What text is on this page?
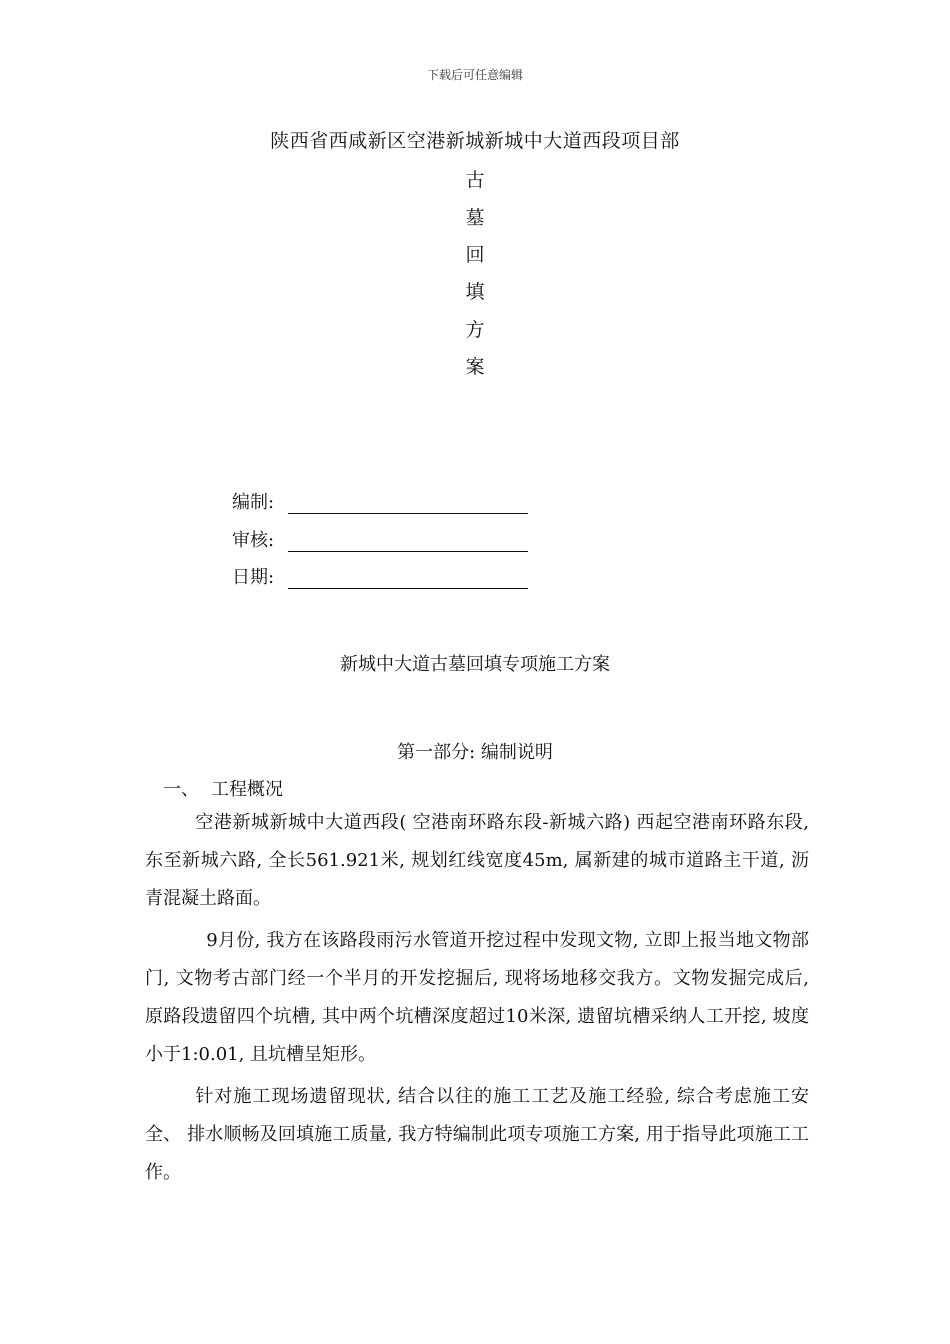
下载后可任意编辑
陕西省西咸新区空港新城新城中大道西段项目部
古
墓
回
填
方
案
编制:
审核:
日期:
新城中大道古墓回填专项施工方案
第一部分: 编制说明
一、 工程概况

空港新城新城中大道西段( 空港南环路东段-新城六路) 西起空港南环路东段, 东至新城六路, 全长561.921米, 规划红线宽度45m, 属新建的城市道路主干道, 沥青混凝土路面。

9月份, 我方在该路段雨污水管道开挖过程中发现文物, 立即上报当地文物部门, 文物考古部门经一个半月的开发挖掘后, 现将场地移交我方。文物发掘完成后, 原路段遗留四个坑槽, 其中两个坑槽深度超过10米深, 遗留坑槽采纳人工开挖, 坡度小于1:0.01, 且坑槽呈矩形。

针对施工现场遗留现状, 结合以往的施工工艺及施工经验, 综合考虑施工安全、 排水顺畅及回填施工质量, 我方特编制此项专项施工方案, 用于指导此项施工工作。
